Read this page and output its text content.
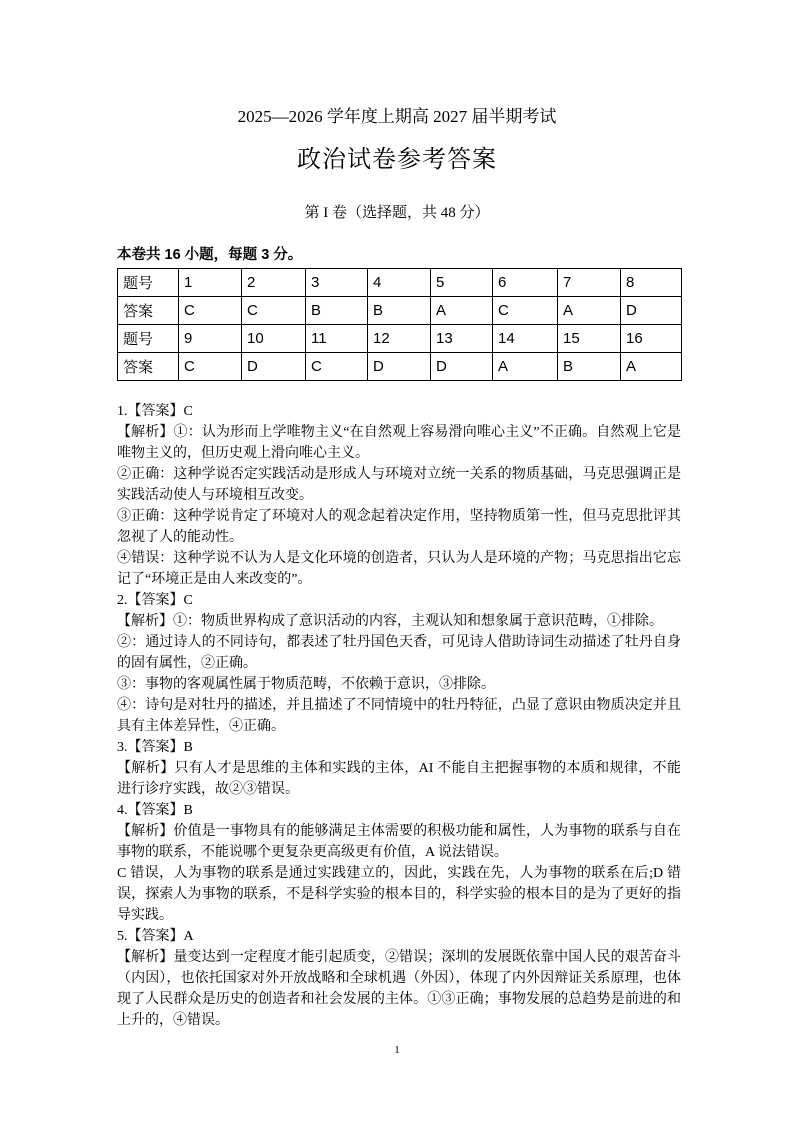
2025—2026 学年度上期高 2027 届半期考试
政治试卷参考答案
第 I 卷（选择题，共 48 分）
本卷共 16 小题，每题 3 分。
题号	1	2	3	4	5	6	7	8
答案	C	C	B	B	A	C	A	D
题号	9	10	11	12	13	14	15	16
答案	C	D	C	D	D	A	B	A

1.【答案】C

【解析】①：认为形而上学唯物主义“在自然观上容易滑向唯心主义”不正确。自然观上它是唯物主义的，但历史观上滑向唯心主义。

②正确：这种学说否定实践活动是形成人与环境对立统一关系的物质基础，马克思强调正是实践活动使人与环境相互改变。

③正确：这种学说肯定了环境对人的观念起着决定作用，坚持物质第一性，但马克思批评其忽视了人的能动性。

④错误：这种学说不认为人是文化环境的创造者，只认为人是环境的产物；马克思指出它忘记了“环境正是由人来改变的”。

2.【答案】C

【解析】①：物质世界构成了意识活动的内容，主观认知和想象属于意识范畴，①排除。

②：通过诗人的不同诗句，都表述了牡丹国色天香，可见诗人借助诗词生动描述了牡丹自身的固有属性，②正确。

③：事物的客观属性属于物质范畴，不依赖于意识，③排除。

④：诗句是对牡丹的描述，并且描述了不同情境中的牡丹特征，凸显了意识由物质决定并且具有主体差异性，④正确。

3.【答案】B

【解析】只有人才是思维的主体和实践的主体，AI 不能自主把握事物的本质和规律，不能进行诊疗实践，故②③错误。

4.【答案】B

【解析】价值是一事物具有的能够满足主体需要的积极功能和属性，人为事物的联系与自在事物的联系，不能说哪个更复杂更高级更有价值，A 说法错误。

C 错误，人为事物的联系是通过实践建立的，因此，实践在先，人为事物的联系在后;D 错误，探索人为事物的联系，不是科学实验的根本目的，科学实验的根本目的是为了更好的指导实践。

5.【答案】A

【解析】量变达到一定程度才能引起质变，②错误；深圳的发展既依靠中国人民的艰苦奋斗（内因），也依托国家对外开放战略和全球机遇（外因），体现了内外因辩证关系原理，也体现了人民群众是历史的创造者和社会发展的主体。①③正确；事物发展的总趋势是前进的和上升的，④错误。

1
